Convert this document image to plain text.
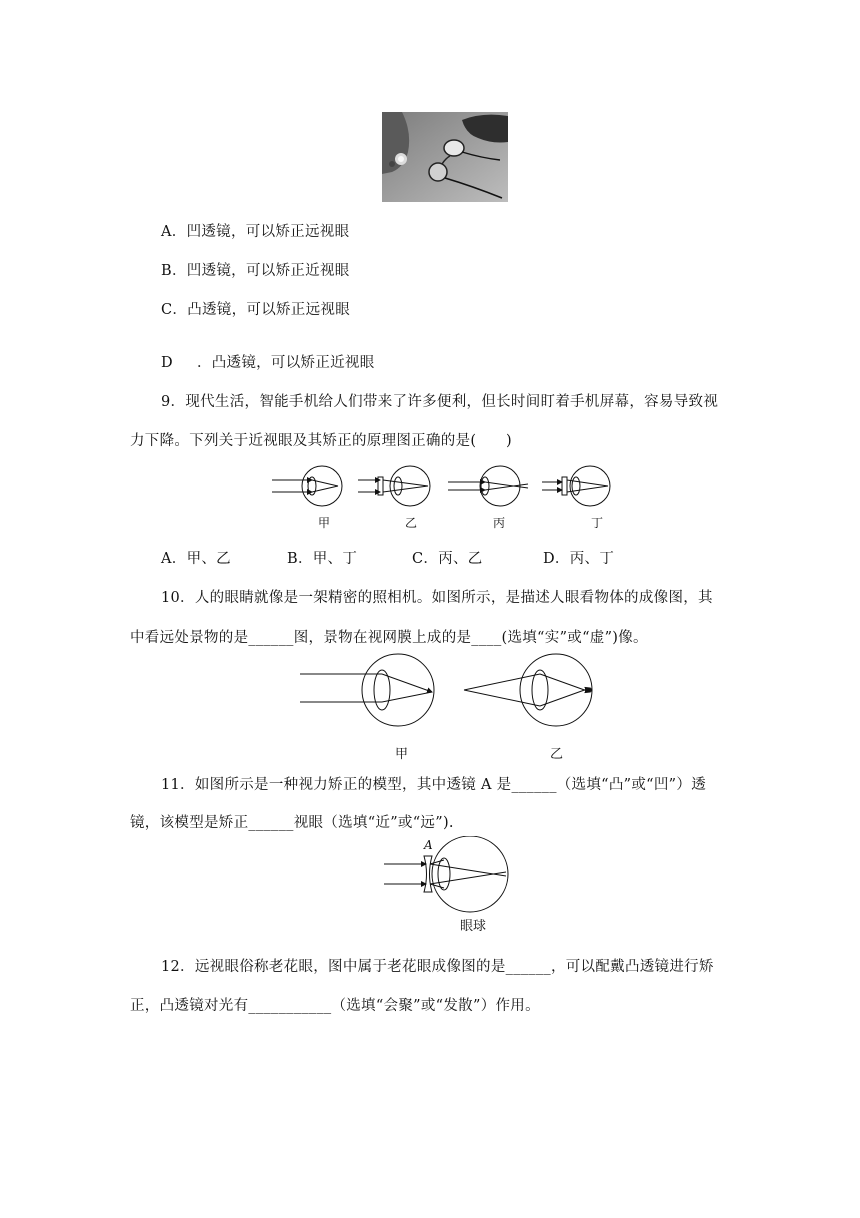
A．凹透镜，可以矫正远视眼
B．凹透镜，可以矫正近视眼
C．凸透镜，可以矫正远视眼
D ．凸透镜，可以矫正近视眼
9．现代生活，智能手机给人们带来了许多便利，但长时间盯着手机屏幕，容易导致视
力下降。下列关于近视眼及其矫正的原理图正确的是(　　)
甲	乙	丙	丁
A．甲、乙	B．甲、丁	C．丙、乙	D．丙、丁
10．人的眼睛就像是一架精密的照相机。如图所示，是描述人眼看物体的成像图，其
中看远处景物的是______图，景物在视网膜上成的是____(选填“实”或“虚”)像。
甲	乙
11．如图所示是一种视力矫正的模型，其中透镜 A 是______（选填“凸”或“凹”）透
镜，该模型是矫正______视眼（选填“近”或“远”).
A
眼球
12．远视眼俗称老花眼，图中属于老花眼成像图的是______，可以配戴凸透镜进行矫
正，凸透镜对光有___________（选填“会聚”或“发散”）作用。
